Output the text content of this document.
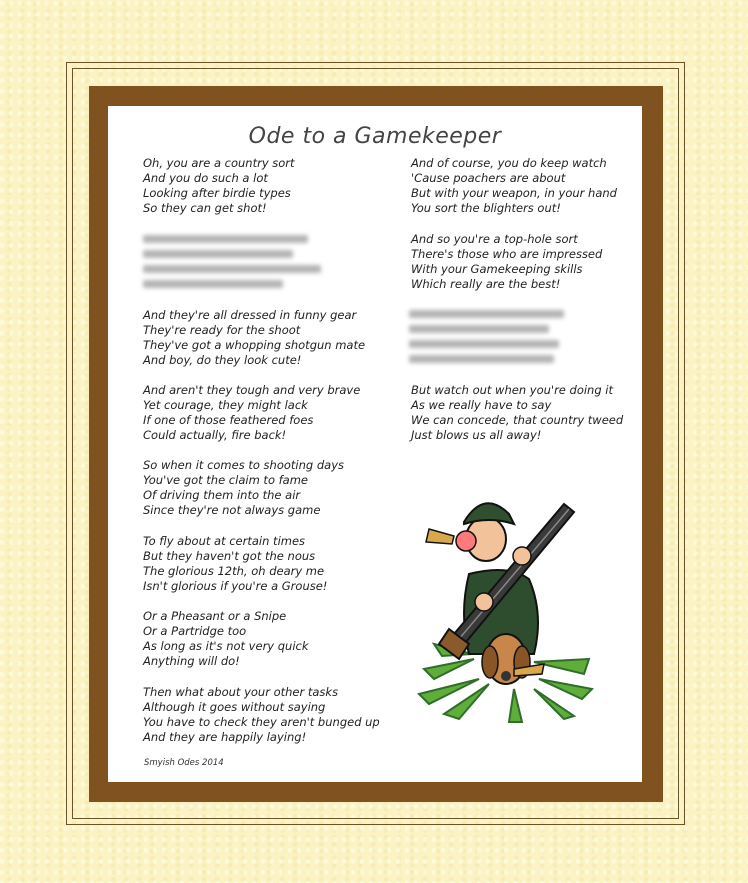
Ode to a Gamekeeper
Oh, you are a country sort
And you do such a lot
Looking after birdie types
So they can get shot!
And they're all dressed in funny gear
They're ready for the shoot
They've got a whopping shotgun mate
And boy, do they look cute!
And aren't they tough and very brave
Yet courage, they might lack
If one of those feathered foes
Could actually, fire back!
So when it comes to shooting days
You've got the claim to fame
Of driving them into the air
Since they're not always game
To fly about at certain times
But they haven't got the nous
The glorious 12th, oh deary me
Isn't glorious if you're a Grouse!
Or a Pheasant or a Snipe
Or a Partridge too
As long as it's not very quick
Anything will do!
Then what about your other tasks
Although it goes without saying
You have to check they aren't bunged up
And they are happily laying!
And of course, you do keep watch
'Cause poachers are about
But with your weapon, in your hand
You sort the blighters out!
And so you're a top-hole sort
There's those who are impressed
With your Gamekeeping skills
Which really are the best!
But watch out when you're doing it
As we really have to say
We can concede, that country tweed
Just blows us all away!
Smyish Odes 2014
